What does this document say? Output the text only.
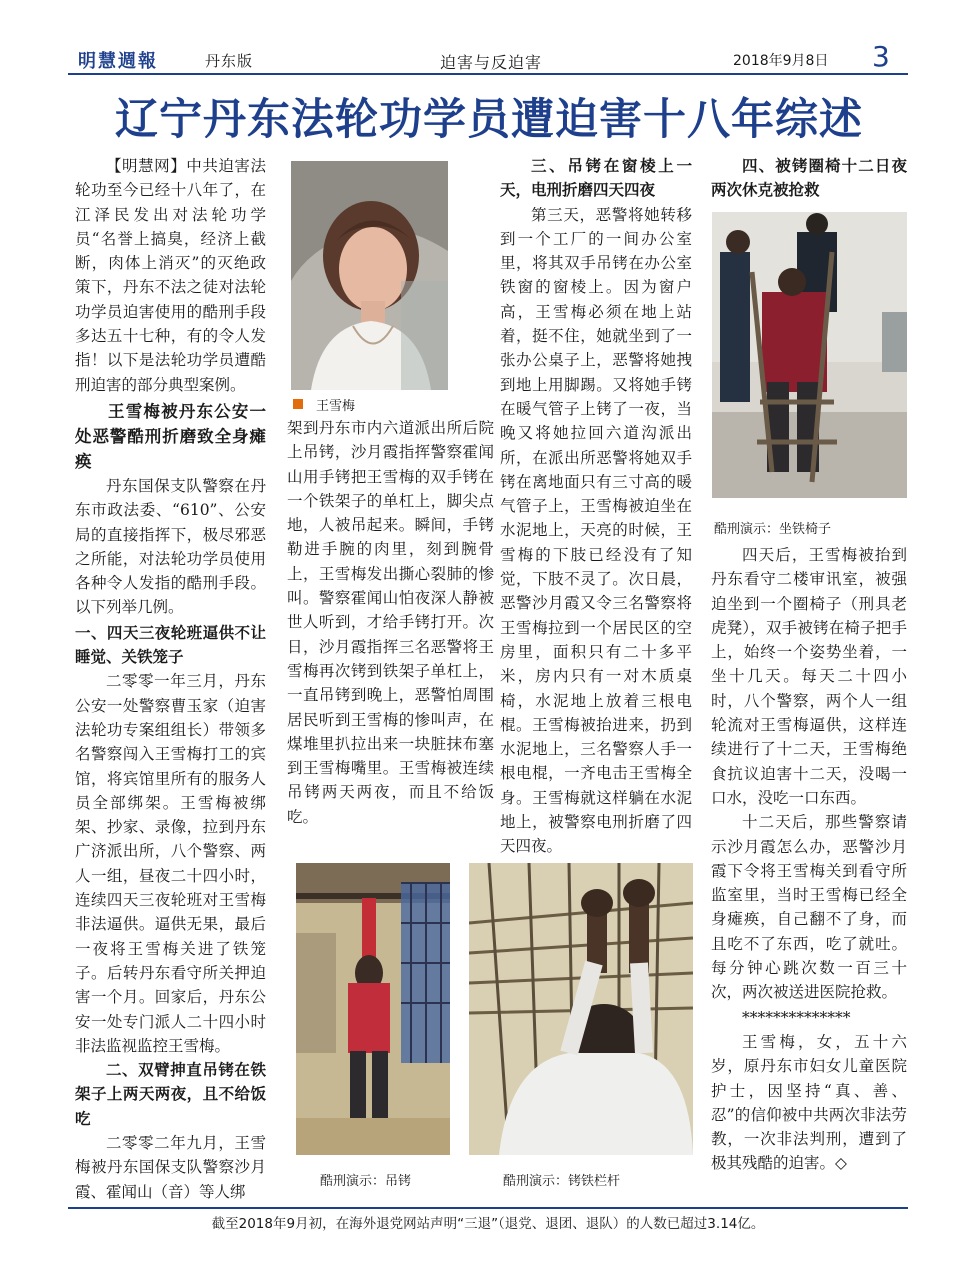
明慧週報	丹东版	迫害与反迫害	2018年9月8日 3
辽宁丹东法轮功学员遭迫害十八年综述

【明慧网】中共迫害法轮功至今已经十八年了，在江泽民发出对法轮功学员“名誉上搞臭，经济上截断，肉体上消灭”的灭绝政策下，丹东不法之徒对法轮功学员迫害使用的酷刑手段多达五十七种，有的令人发指！以下是法轮功学员遭酷刑迫害的部分典型案例。

王雪梅被丹东公安一处恶警酷刑折磨致全身瘫痪

丹东国保支队警察在丹东市政法委、“610”、公安局的直接指挥下，极尽邪恶之所能，对法轮功学员使用各种令人发指的酷刑手段。以下列举几例。

一、四天三夜轮班逼供不让睡觉、关铁笼子

二零零一年三月，丹东公安一处警察曹玉家（迫害法轮功专案组组长）带领多名警察闯入王雪梅打工的宾馆，将宾馆里所有的服务人员全部绑架。王雪梅被绑架、抄家、录像，拉到丹东广济派出所，八个警察、两人一组，昼夜二十四小时，连续四天三夜轮班对王雪梅非法逼供。逼供无果，最后一夜将王雪梅关进了铁笼子。后转丹东看守所关押迫害一个月。回家后，丹东公安一处专门派人二十四小时非法监视监控王雪梅。

二、双臂抻直吊铐在铁架子上两天两夜，且不给饭吃

二零零二年九月，王雪梅被丹东国保支队警察沙月霞、霍闻山（音）等人绑

王雪梅

架到丹东市内六道派出所后院上吊铐，沙月霞指挥警察霍闻山用手铐把王雪梅的双手铐在一个铁架子的单杠上，脚尖点地，人被吊起来。瞬间，手铐勒进手腕的肉里，刻到腕骨上，王雪梅发出撕心裂肺的惨叫。警察霍闻山怕夜深人静被世人听到，才给手铐打开。次日，沙月霞指挥三名恶警将王雪梅再次铐到铁架子单杠上，一直吊铐到晚上，恶警怕周围居民听到王雪梅的惨叫声，在煤堆里扒拉出来一块脏抹布塞到王雪梅嘴里。王雪梅被连续吊铐两天两夜，而且不给饭吃。

三、吊铐在窗棱上一天，电刑折磨四天四夜

第三天，恶警将她转移到一个工厂的一间办公室里，将其双手吊铐在办公室铁窗的窗棱上。因为窗户高，王雪梅必须在地上站着，挺不住，她就坐到了一张办公桌子上，恶警将她拽到地上用脚踢。又将她手铐在暖气管子上铐了一夜，当晚又将她拉回六道沟派出所，在派出所恶警将她双手铐在离地面只有三寸高的暖气管子上，王雪梅被迫坐在水泥地上，天亮的时候，王雪梅的下肢已经没有了知觉，下肢不灵了。次日晨，恶警沙月霞又令三名警察将王雪梅拉到一个居民区的空房里，面积只有二十多平米，房内只有一对木质桌椅，水泥地上放着三根电棍。王雪梅被抬进来，扔到水泥地上，三名警察人手一根电棍，一齐电击王雪梅全身。王雪梅就这样躺在水泥地上，被警察电刑折磨了四天四夜。

四、被铐圈椅十二日夜两次休克被抢救

酷刑演示：坐铁椅子

四天后，王雪梅被抬到丹东看守二楼审讯室，被强迫坐到一个圈椅子（刑具老虎凳），双手被铐在椅子把手上，始终一个姿势坐着，一坐十几天。每天二十四小时，八个警察，两个人一组轮流对王雪梅逼供，这样连续进行了十二天，王雪梅绝食抗议迫害十二天，没喝一口水，没吃一口东西。

十二天后，那些警察请示沙月霞怎么办，恶警沙月霞下令将王雪梅关到看守所监室里，当时王雪梅已经全身瘫痪，自己翻不了身，而且吃不了东西，吃了就吐。每分钟心跳次数一百三十次，两次被送进医院抢救。

**************

王雪梅，女，五十六岁，原丹东市妇女儿童医院护士，因坚持“真、善、忍”的信仰被中共两次非法劳教，一次非法判刑，遭到了极其残酷的迫害。◇

酷刑演示：吊铐	酷刑演示：铐铁栏杆
截至2018年9月初，在海外退党网站声明“三退”（退党、退团、退队）的人数已超过3.14亿。
